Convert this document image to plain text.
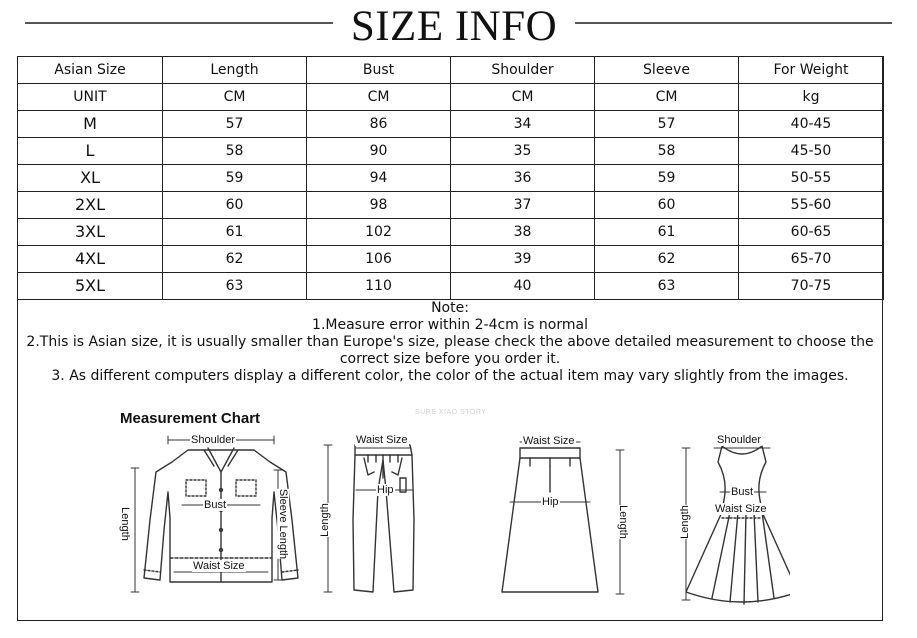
SIZE INFO
Asian Size	Length	Bust	Shoulder	Sleeve	For Weight
UNIT	CM	CM	CM	CM	kg
M	57	86	34	57	40-45
L	58	90	35	58	45-50
XL	59	94	36	59	50-55
2XL	60	98	37	60	55-60
3XL	61	102	38	61	60-65
4XL	62	106	39	62	65-70
5XL	63	110	40	63	70-75
Note:
1.Measure error within 2-4cm is normal
2.This is Asian size, it is usually smaller than Europe's size, please check the above detailed measurement to choose the correct size before you order it.
3. As different computers display a different color, the color of the actual item may vary slightly from the images.
Measurement Chart	SURE XIAO STORY
Shoulder
Bust
Length	Sleeve Length
Waist Size
Waist Size
Hip
Length
Waist Size
Hip
Length
Shoulder
Bust
Waist Size
Length
